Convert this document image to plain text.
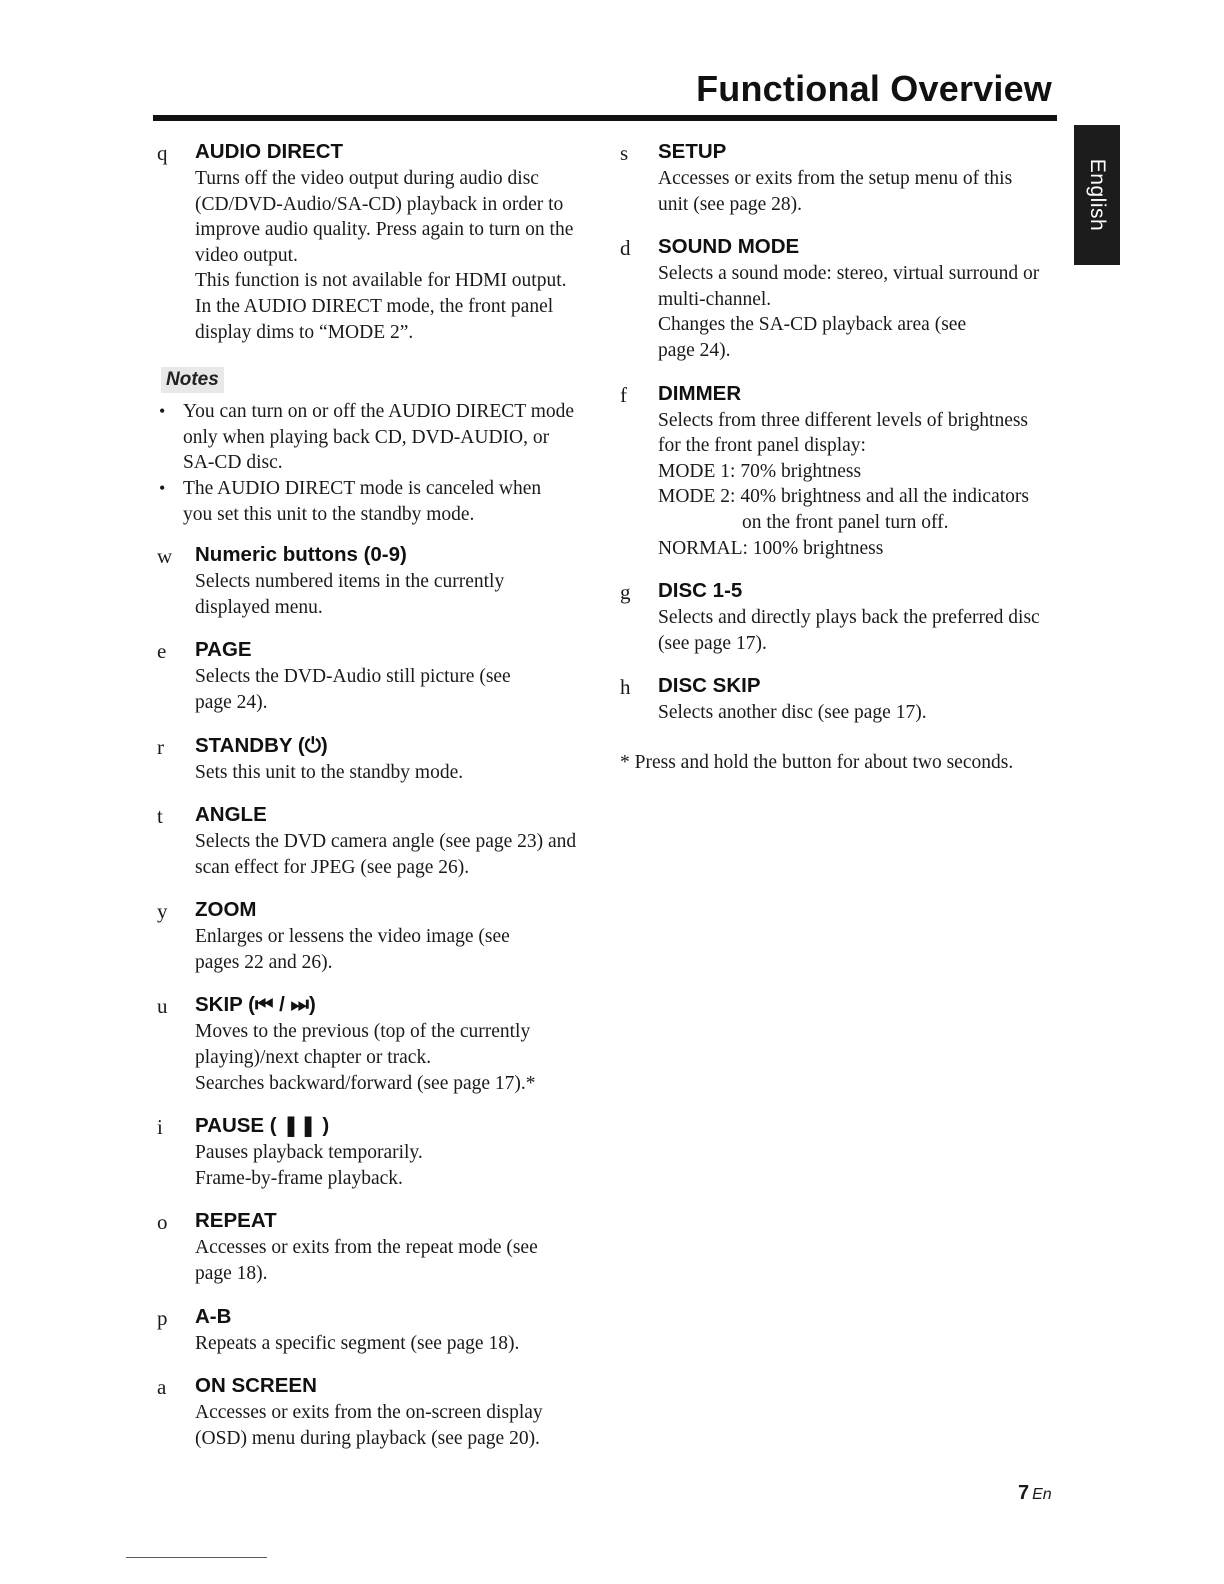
Functional Overview
English
q	AUDIO DIRECT
Turns off the video output during audio disc
(CD/DVD-Audio/SA-CD) playback in order to
improve audio quality. Press again to turn on the
video output.
This function is not available for HDMI output.
In the AUDIO DIRECT mode, the front panel
display dims to “MODE 2”.
Notes
• You can turn on or off the AUDIO DIRECT mode
only when playing back CD, DVD-AUDIO, or
SA-CD disc.
• The AUDIO DIRECT mode is canceled when
you set this unit to the standby mode.
w	Numeric buttons (0-9)
Selects numbered items in the currently
displayed menu.
e	PAGE
Selects the DVD-Audio still picture (see
page 24).
r	STANDBY (⏻)
Sets this unit to the standby mode.
t	ANGLE
Selects the DVD camera angle (see page 23) and
scan effect for JPEG (see page 26).
y	ZOOM
Enlarges or lessens the video image (see
pages 22 and 26).
u	SKIP (⏮ / ⏭)
Moves to the previous (top of the currently
playing)/next chapter or track.
Searches backward/forward (see page 17).*
i	PAUSE ( ❚❚ )
Pauses playback temporarily.
Frame-by-frame playback.
o	REPEAT
Accesses or exits from the repeat mode (see
page 18).
p	A-B
Repeats a specific segment (see page 18).
a	ON SCREEN
Accesses or exits from the on-screen display
(OSD) menu during playback (see page 20).
s	SETUP
Accesses or exits from the setup menu of this
unit (see page 28).
d	SOUND MODE
Selects a sound mode: stereo, virtual surround or
multi-channel.
Changes the SA-CD playback area (see
page 24).
f	DIMMER
Selects from three different levels of brightness
for the front panel display:
MODE 1: 70% brightness
MODE 2: 40% brightness and all the indicators
on the front panel turn off.
NORMAL: 100% brightness
g	DISC 1-5
Selects and directly plays back the preferred disc
(see page 17).
h	DISC SKIP
Selects another disc (see page 17).
* Press and hold the button for about two seconds.
7 En
